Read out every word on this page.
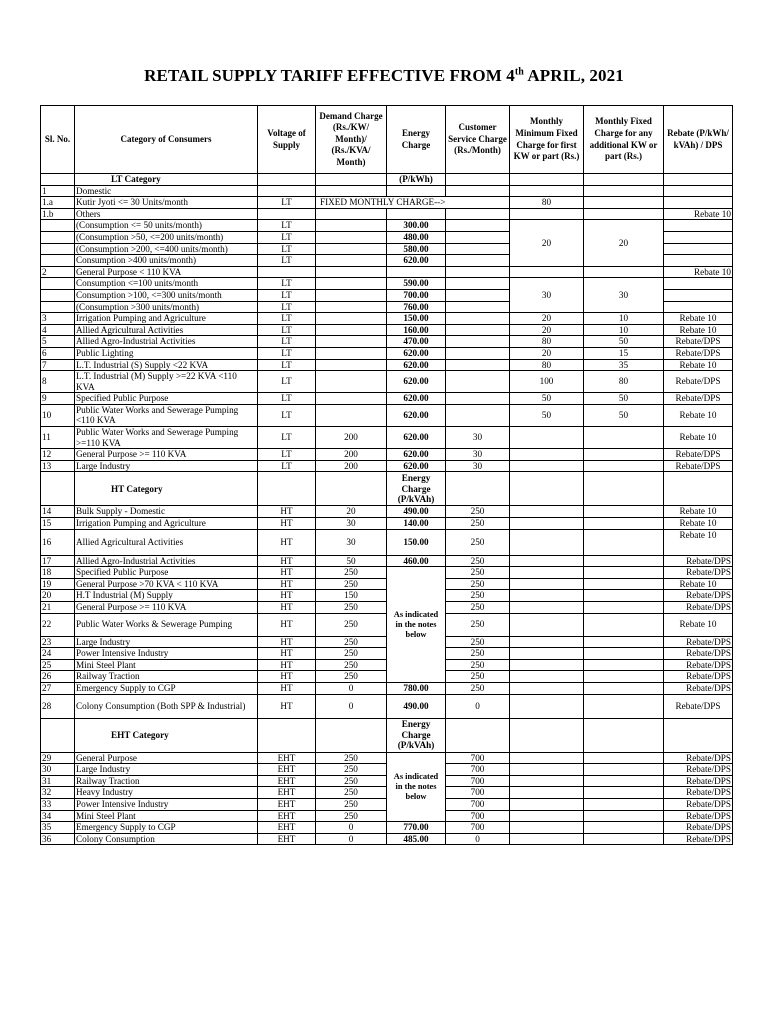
RETAIL SUPPLY TARIFF EFFECTIVE FROM 4th APRIL, 2021
Sl. No.	Category of Consumers	Voltage of Supply	Demand Charge (Rs./KW/ Month)/ (Rs./KVA/ Month)	Energy Charge	Customer Service Charge (Rs./Month)	Monthly Minimum Fixed Charge for first KW or part (Rs.)	Monthly Fixed Charge for any additional KW or part (Rs.)	Rebate (P/kWh/ kVAh) / DPS
	LT Category			(P/kWh)				
1	Domestic							
1.a	Kutir Jyoti <= 30 Units/month	LT	FIXED MONTHLY CHARGE-->			80		
1.b	Others							Rebate 10
	(Consumption <= 50 units/month)	LT		300.00		20	20	
	(Consumption >50, <=200 units/month)	LT		480.00				
	(Consumption >200, <=400 units/month)	LT		580.00				
	Consumption >400 units/month)	LT		620.00				
2	General Purpose < 110 KVA							Rebate 10
	Consumption <=100 units/month	LT		590.00		30	30	
	Consumption >100, <=300 units/month	LT		700.00				
	(Consumption >300 units/month)	LT		760.00				
3	Irrigation Pumping and Agriculture	LT		150.00		20	10	Rebate 10
4	Allied Agricultural Activities	LT		160.00		20	10	Rebate 10
5	Allied Agro-Industrial Activities	LT		470.00		80	50	Rebate/DPS
6	Public Lighting	LT		620.00		20	15	Rebate/DPS
7	L.T. Industrial (S) Supply <22 KVA	LT		620.00		80	35	Rebate 10
8	L.T. Industrial (M) Supply >=22 KVA <110 KVA	LT		620.00		100	80	Rebate/DPS
9	Specified Public Purpose	LT		620.00		50	50	Rebate/DPS
10	Public Water Works and Sewerage Pumping <110 KVA	LT		620.00		50	50	Rebate 10
11	Public Water Works and Sewerage Pumping >=110 KVA	LT	200	620.00	30			Rebate 10
12	General Purpose >= 110 KVA	LT	200	620.00	30			Rebate/DPS
13	Large Industry	LT	200	620.00	30			Rebate/DPS
	HT Category			Energy Charge (P/kVAh)				
14	Bulk Supply - Domestic	HT	20	490.00	250			Rebate 10
15	Irrigation Pumping and Agriculture	HT	30	140.00	250			Rebate 10
16	Allied Agricultural Activities	HT	30	150.00	250			Rebate 10
17	Allied Agro-Industrial Activities	HT	50	460.00	250			Rebate/DPS
18	Specified Public Purpose	HT	250	As indicated in the notes below	250			Rebate/DPS
19	General Purpose >70 KVA < 110 KVA	HT	250		250			Rebate 10
20	H.T Industrial (M) Supply	HT	150		250			Rebate/DPS
21	General Purpose >= 110 KVA	HT	250		250			Rebate/DPS
22	Public Water Works & Sewerage Pumping	HT	250		250			Rebate 10
23	Large Industry	HT	250		250			Rebate/DPS
24	Power Intensive Industry	HT	250		250			Rebate/DPS
25	Mini Steel Plant	HT	250		250			Rebate/DPS
26	Railway Traction	HT	250		250			Rebate/DPS
27	Emergency Supply to CGP	HT	0	780.00	250			Rebate/DPS
28	Colony Consumption (Both SPP & Industrial)	HT	0	490.00	0			Rebate/DPS
	EHT Category			Energy Charge (P/kVAh)				
29	General Purpose	EHT	250	As indicated in the notes below	700			Rebate/DPS
30	Large Industry	EHT	250		700			Rebate/DPS
31	Railway Traction	EHT	250		700			Rebate/DPS
32	Heavy Industry	EHT	250		700			Rebate/DPS
33	Power Intensive Industry	EHT	250		700			Rebate/DPS
34	Mini Steel Plant	EHT	250		700			Rebate/DPS
35	Emergency Supply to CGP	EHT	0	770.00	700			Rebate/DPS
36	Colony Consumption	EHT	0	485.00	0			Rebate/DPS
